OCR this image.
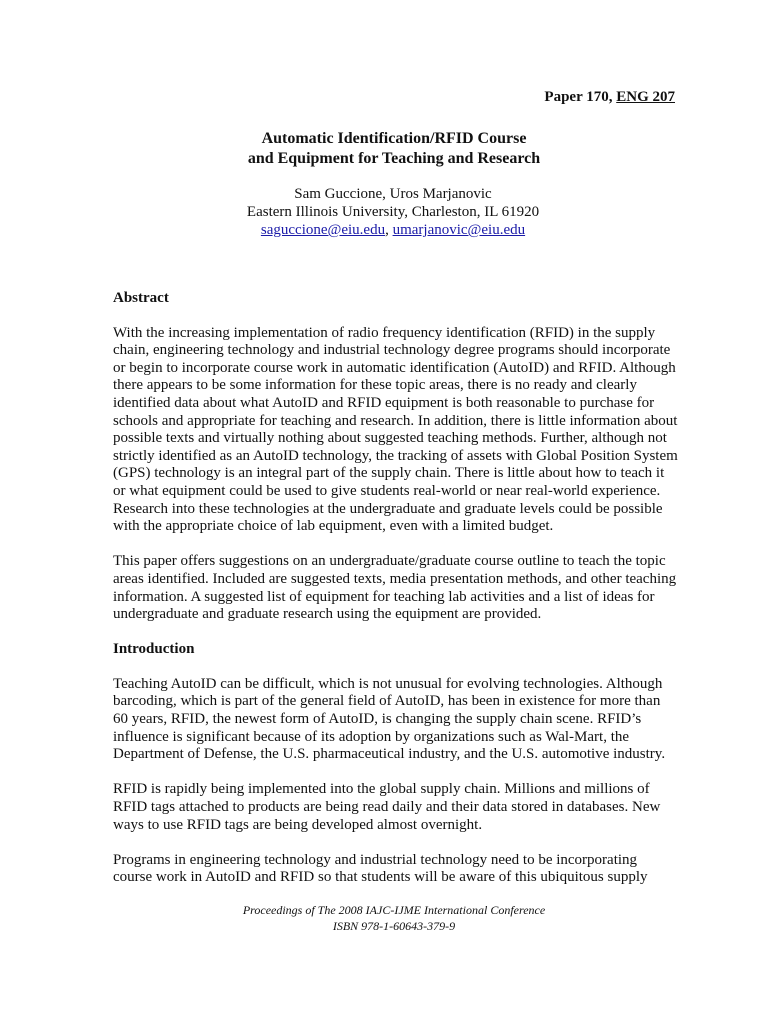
Paper 170, ENG 207
Automatic Identification/RFID Course
and Equipment for Teaching and Research
Sam Guccione, Uros Marjanovic
Eastern Illinois University, Charleston, IL 61920
saguccione@eiu.edu, umarjanovic@eiu.edu
Abstract
With the increasing implementation of radio frequency identification (RFID) in the supply chain, engineering technology and industrial technology degree programs should incorporate or begin to incorporate course work in automatic identification (AutoID) and RFID. Although there appears to be some information for these topic areas, there is no ready and clearly identified data about what AutoID and RFID equipment is both reasonable to purchase for schools and appropriate for teaching and research. In addition, there is little information about possible texts and virtually nothing about suggested teaching methods. Further, although not strictly identified as an AutoID technology, the tracking of assets with Global Position System (GPS) technology is an integral part of the supply chain. There is little about how to teach it or what equipment could be used to give students real-world or near real-world experience. Research into these technologies at the undergraduate and graduate levels could be possible with the appropriate choice of lab equipment, even with a limited budget.
This paper offers suggestions on an undergraduate/graduate course outline to teach the topic areas identified. Included are suggested texts, media presentation methods, and other teaching information. A suggested list of equipment for teaching lab activities and a list of ideas for undergraduate and graduate research using the equipment are provided.
Introduction
Teaching AutoID can be difficult, which is not unusual for evolving technologies. Although barcoding, which is part of the general field of AutoID, has been in existence for more than 60 years, RFID, the newest form of AutoID, is changing the supply chain scene. RFID’s influence is significant because of its adoption by organizations such as Wal-Mart, the Department of Defense, the U.S. pharmaceutical industry, and the U.S. automotive industry.
RFID is rapidly being implemented into the global supply chain. Millions and millions of RFID tags attached to products are being read daily and their data stored in databases. New ways to use RFID tags are being developed almost overnight.
Programs in engineering technology and industrial technology need to be incorporating course work in AutoID and RFID so that students will be aware of this ubiquitous supply
Proceedings of The 2008 IAJC-IJME International Conference
ISBN 978-1-60643-379-9
